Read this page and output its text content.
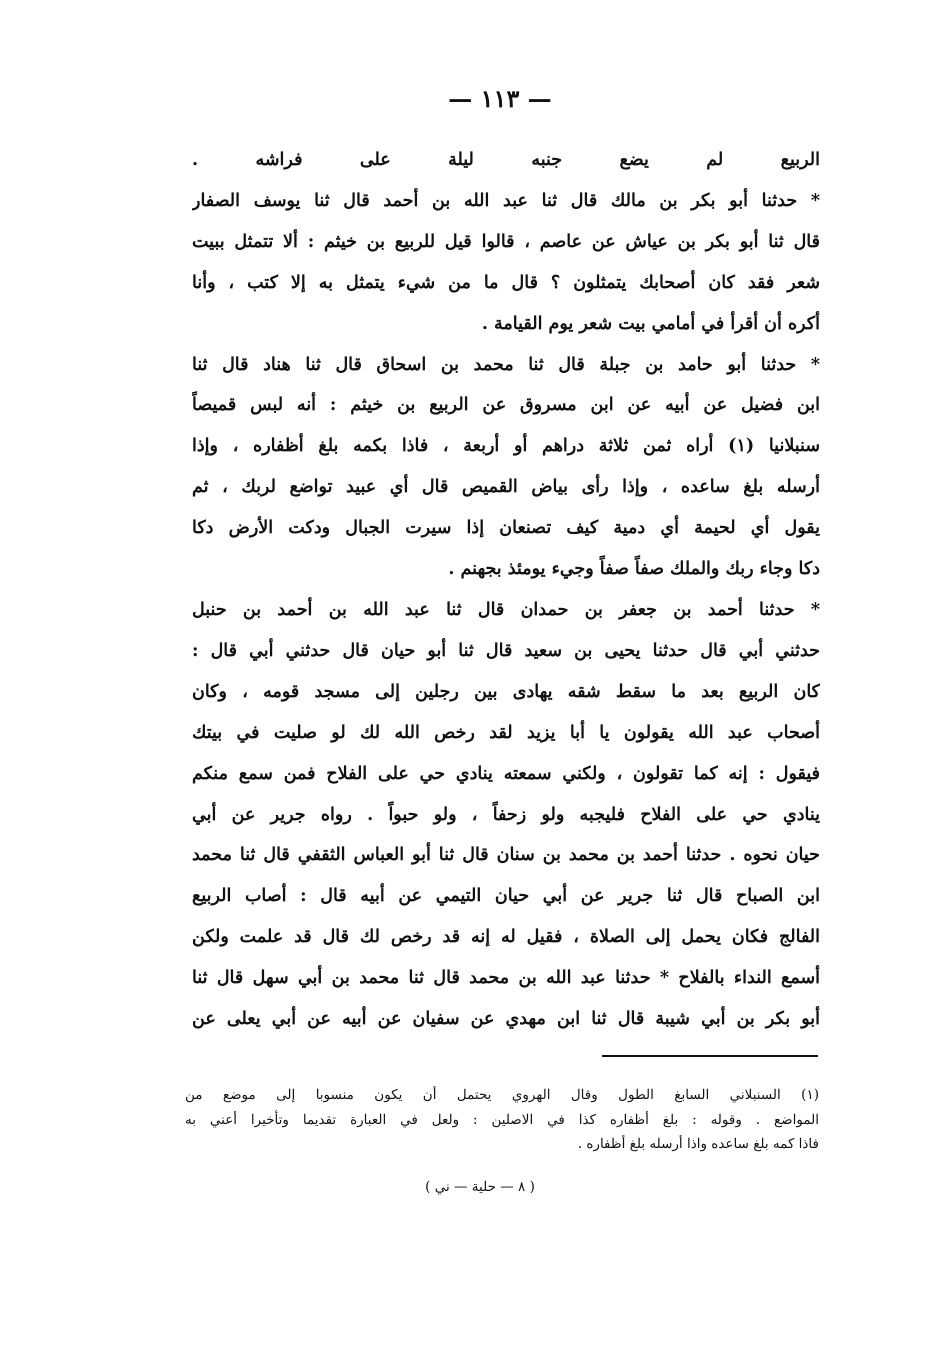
— ١١٣ —
الربيع لم يضع جنبه ليلة على فراشه .
* حدثنا أبو بكر بن مالك قال ثنا عبد الله بن أحمد قال ثنا يوسف الصفار
قال ثنا أبو بكر بن عياش عن عاصم ، قالوا قيل للربيع بن خيثم : ألا تتمثل ببيت
شعر فقد كان أصحابك يتمثلون ؟ قال ما من شيء يتمثل به إلا كتب ، وأنا
أكره أن أقرأ في أمامي بيت شعر يوم القيامة .
* حدثنا أبو حامد بن جبلة قال ثنا محمد بن اسحاق قال ثنا هناد قال ثنا
ابن فضيل عن أبيه عن ابن مسروق عن الربيع بن خيثم : أنه لبس قميصاً
سنبلانيا (١) أراه ثمن ثلاثة دراهم أو أربعة ، فاذا بكمه بلغ أظفاره ، وإذا
أرسله بلغ ساعده ، وإذا رأى بياض القميص قال أي عبيد تواضع لربك ، ثم
يقول أي لحيمة أي دمية كيف تصنعان إذا سيرت الجبال ودكت الأرض دكا
دكا وجاء ربك والملك صفاً صفاً وجيء يومئذ بجهنم .
* حدثنا أحمد بن جعفر بن حمدان قال ثنا عبد الله بن أحمد بن حنبل
حدثني أبي قال حدثنا يحيى بن سعيد قال ثنا أبو حيان قال حدثني أبي قال :
كان الربيع بعد ما سقط شقه يهادى بين رجلين إلى مسجد قومه ، وكان
أصحاب عبد الله يقولون يا أبا يزيد لقد رخص الله لك لو صليت في بيتك
فيقول : إنه كما تقولون ، ولكني سمعته ينادي حي على الفلاح فمن سمع منكم
ينادي حي على الفلاح فليجبه ولو زحفاً ، ولو حبواً . رواه جرير عن أبي
حيان نحوه . حدثنا أحمد بن محمد بن سنان قال ثنا أبو العباس الثقفي قال ثنا محمد
ابن الصباح قال ثنا جرير عن أبي حيان التيمي عن أبيه قال : أصاب الربيع
الفالج فكان يحمل إلى الصلاة ، فقيل له إنه قد رخص لك قال قد علمت ولكن
أسمع النداء بالفلاح * حدثنا عبد الله بن محمد قال ثنا محمد بن أبي سهل قال ثنا
أبو بكر بن أبي شيبة قال ثنا ابن مهدي عن سفيان عن أبيه عن أبي يعلى عن
(١) السنبلاني السابغ الطول وقال الهروي يحتمل أن يكون منسوبا إلى موضع من
المواضع . وقوله : بلغ أظفاره كذا في الاصلين : ولعل في العبارة تقديما وتأخيرا أعني به
فاذا كمه بلغ ساعده واذا أرسله بلغ أظفاره .
( ٨ — حلية — ني )
